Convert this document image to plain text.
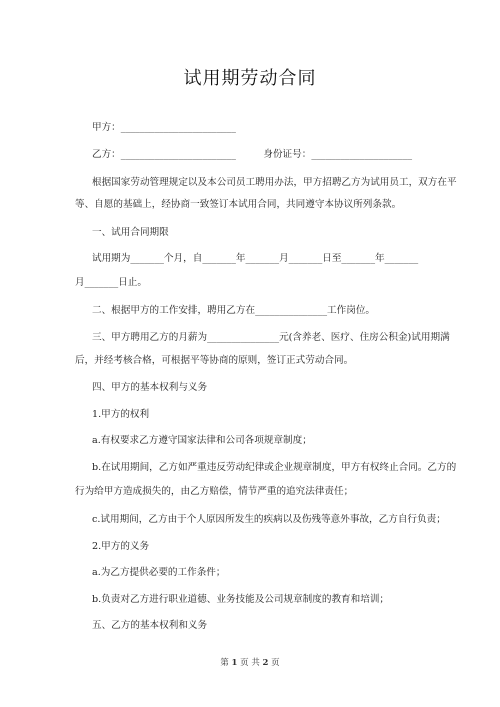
试用期劳动合同
甲方：________________________
乙方：________________________         身份证号：_____________________
根据国家劳动管理规定以及本公司员工聘用办法，甲方招聘乙方为试用员工，双方在平
等、自愿的基础上，经协商一致签订本试用合同，共同遵守本协议所列条款。
一、试用合同期限
试用期为_______个月，自_______年_______月_______日至_______年_______
月_______日止。
二、根据甲方的工作安排，聘用乙方在_______________工作岗位。
三、甲方聘用乙方的月薪为_______________元(含养老、医疗、住房公积金)试用期满
后，并经考核合格，可根据平等协商的原则，签订正式劳动合同。
四、甲方的基本权利与义务
1.甲方的权利
a.有权要求乙方遵守国家法律和公司各项规章制度；
b.在试用期间，乙方如严重违反劳动纪律或企业规章制度，甲方有权终止合同。乙方的
行为给甲方造成损失的，由乙方赔偿，情节严重的追究法律责任；
c.试用期间，乙方由于个人原因所发生的疾病以及伤残等意外事故，乙方自行负责；
2.甲方的义务
a.为乙方提供必要的工作条件；
b.负责对乙方进行职业道德、业务技能及公司规章制度的教育和培训；
五、乙方的基本权利和义务
第 1 页 共 2 页
